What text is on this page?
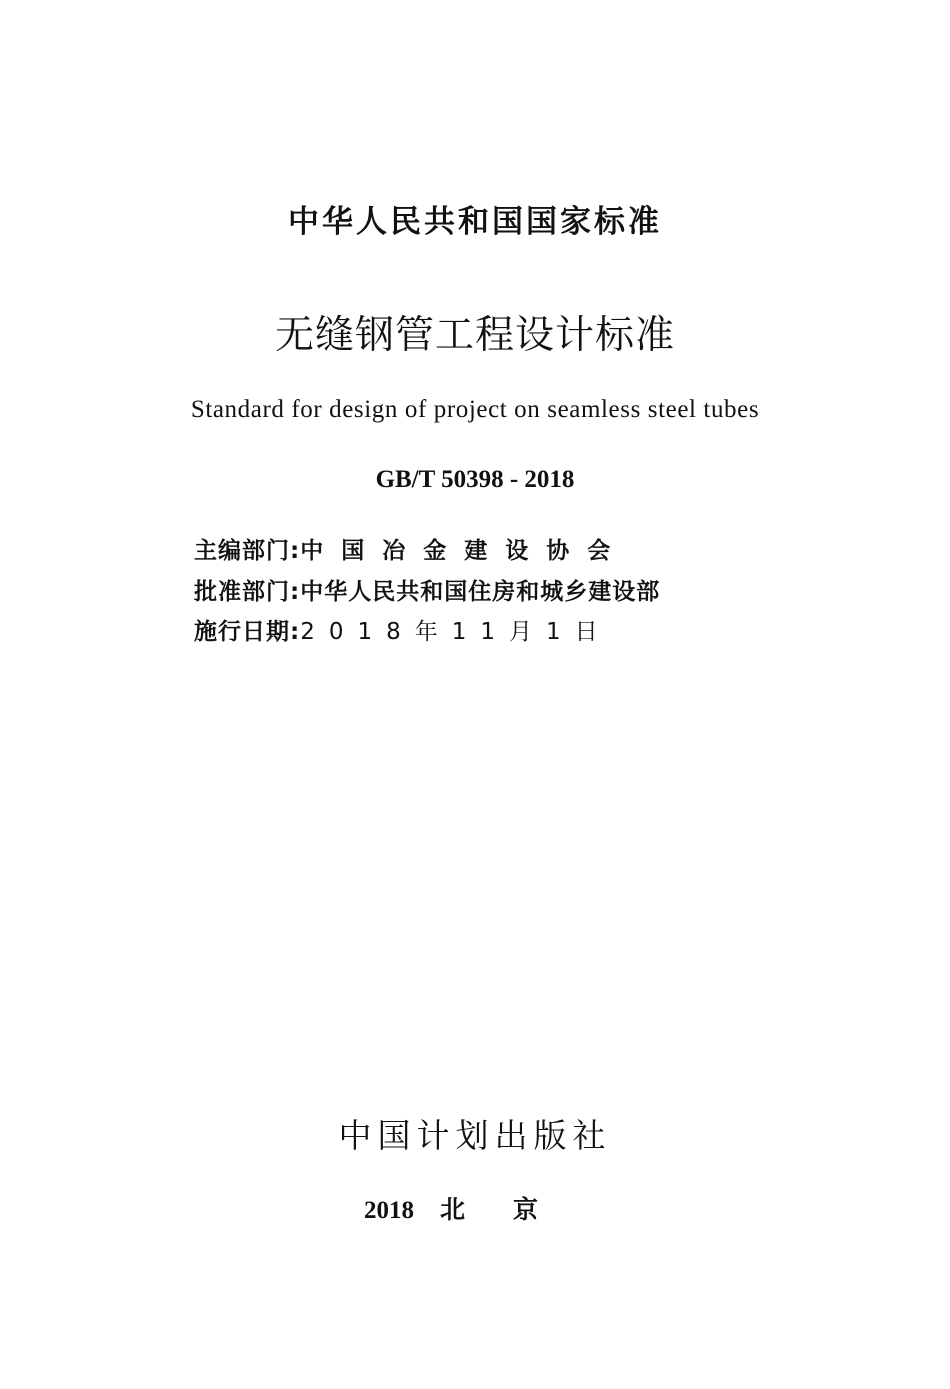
中华人民共和国国家标准
无缝钢管工程设计标准
Standard for design of project on seamless steel tubes
GB/T 50398 - 2018
主编部门:中国冶金建设协会
批准部门:中华人民共和国住房和城乡建设部
施行日期:2018年11月1日
中国计划出版社
2018 北京
